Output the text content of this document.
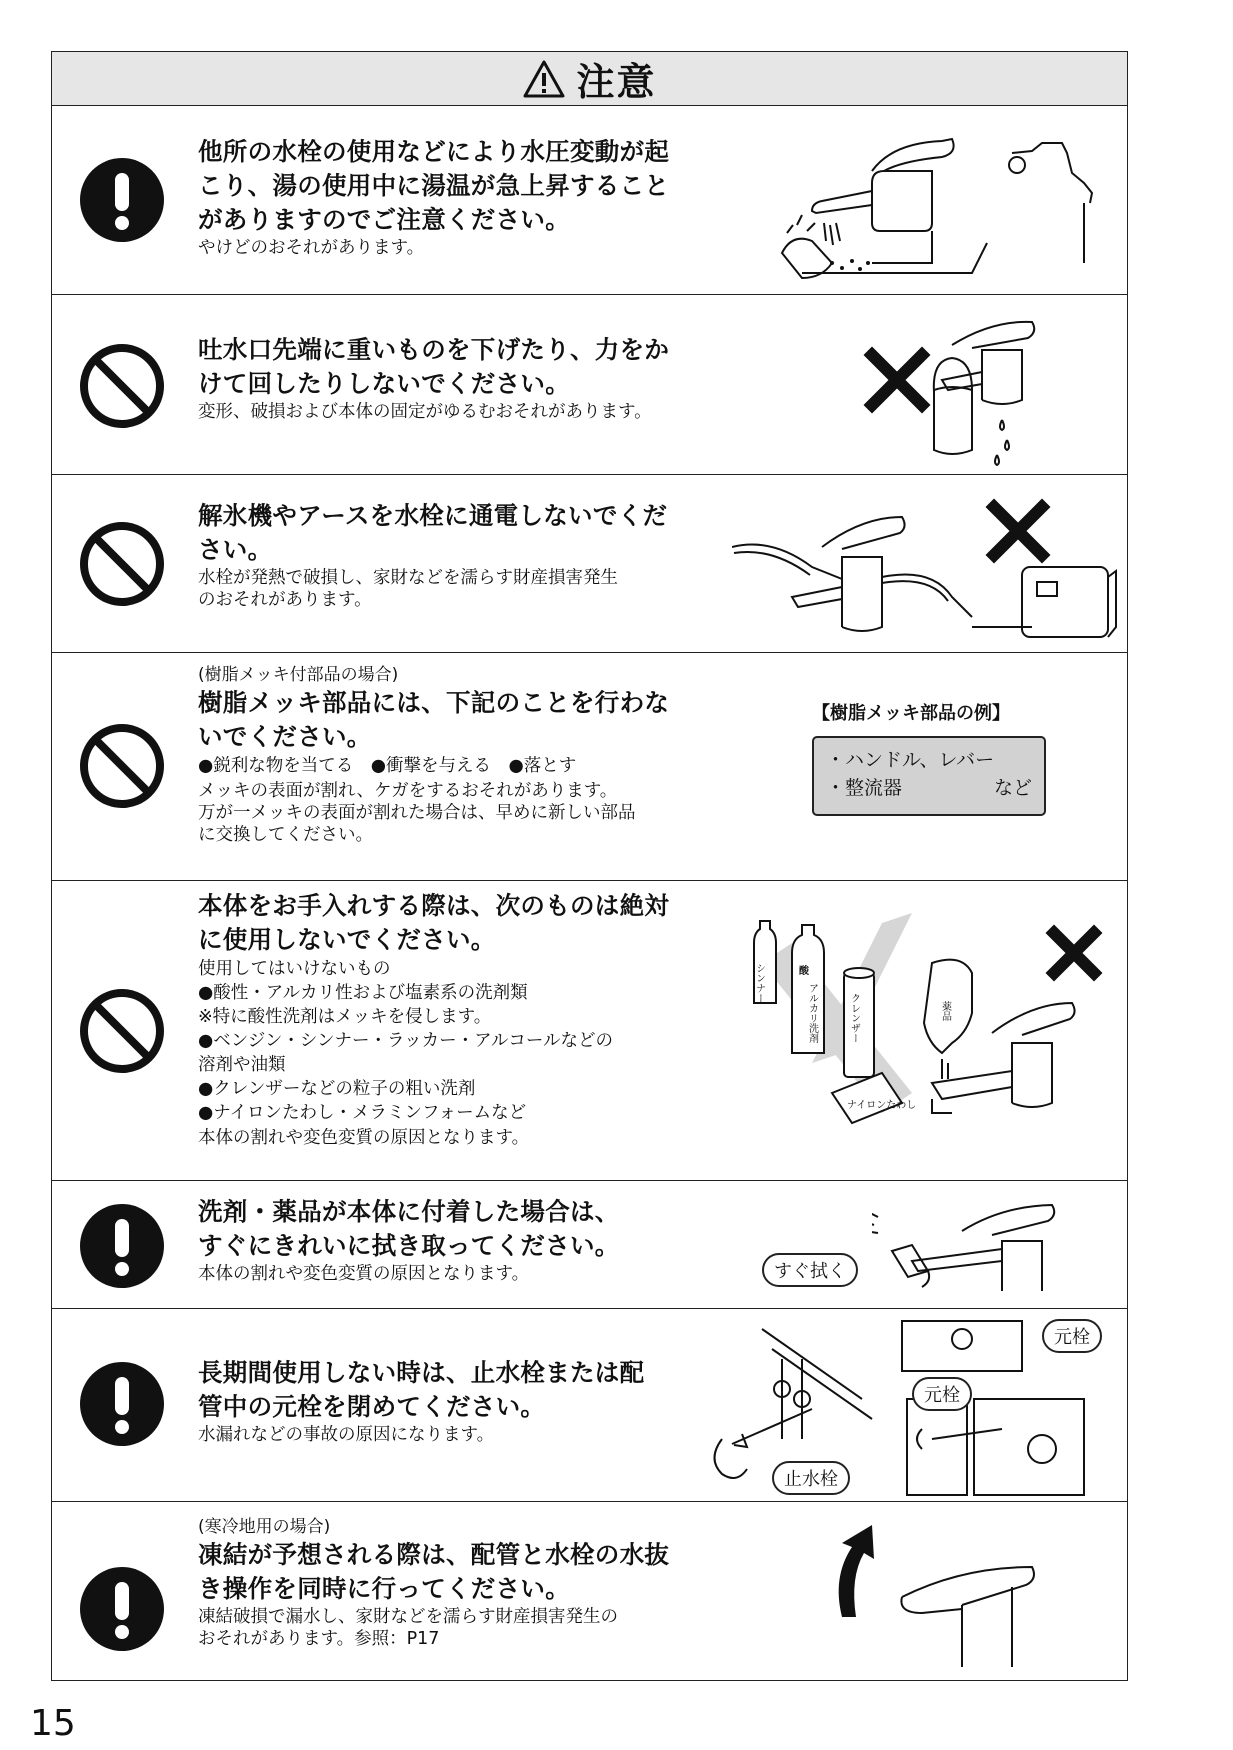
注意

他所の水栓の使用などにより水圧変動が起

こり、湯の使用中に湯温が急上昇すること

がありますのでご注意ください。

やけどのおそれがあります。

吐水口先端に重いものを下げたり、力をか

けて回したりしないでください。

変形、破損および本体の固定がゆるむおそれがあります。

解氷機やアースを水栓に通電しないでくだ

さい。

水栓が発熱で破損し、家財などを濡らす財産損害発生

のおそれがあります。

(樹脂メッキ付部品の場合)

樹脂メッキ部品には、下記のことを行わな

いでください。

●鋭利な物を当てる　●衝撃を与える　●落とす

メッキの表面が割れ、ケガをするおそれがあります。

万が一メッキの表面が割れた場合は、早めに新しい部品

に交換してください。

【樹脂メッキ部品の例】
・ハンドル、レバー
・整流器	など

本体をお手入れする際は、次のものは絶対

に使用しないでください。

使用してはいけないもの

●酸性・アルカリ性および塩素系の洗剤類

※特に酸性洗剤はメッキを侵します。

●ベンジン・シンナー・ラッカー・アルコールなどの

溶剤や油類

●クレンザーなどの粒子の粗い洗剤

●ナイロンたわし・メラミンフォームなど

本体の割れや変色変質の原因となります。

シンナー	酸
アルカリ洗剤	クレンザー
ナイロンたわし
薬品

洗剤・薬品が本体に付着した場合は、

すぐにきれいに拭き取ってください。

本体の割れや変色変質の原因となります。	すぐ拭く

長期間使用しない時は、止水栓または配

管中の元栓を閉めてください。

水漏れなどの事故の原因になります。

止水栓
元栓
元栓

(寒冷地用の場合)

凍結が予想される際は、配管と水栓の水抜

き操作を同時に行ってください。

凍結破損で漏水し、家財などを濡らす財産損害発生の

おそれがあります。参照：P17

15
